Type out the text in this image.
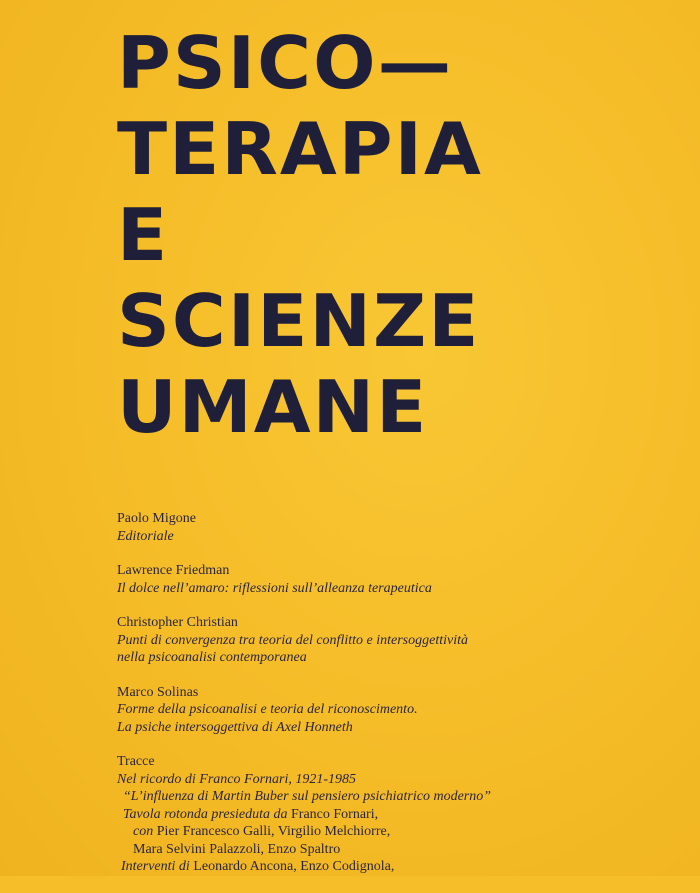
PSICO—
TERAPIA
E
SCIENZE
UMANE
Paolo Migone
Editoriale
Lawrence Friedman
Il dolce nell’amaro: riflessioni sull’alleanza terapeutica
Christopher Christian
Punti di convergenza tra teoria del conflitto e intersoggettività
nella psicoanalisi contemporanea
Marco Solinas
Forme della psicoanalisi e teoria del riconoscimento.
La psiche intersoggettiva di Axel Honneth
Tracce
Nel ricordo di Franco Fornari, 1921-1985
“L’influenza di Martin Buber sul pensiero psichiatrico moderno”
Tavola rotonda presieduta da Franco Fornari,
con Pier Francesco Galli, Virgilio Melchiorre,
Mara Selvini Palazzoli, Enzo Spaltro
Interventi di Leonardo Ancona, Enzo Codignola,
